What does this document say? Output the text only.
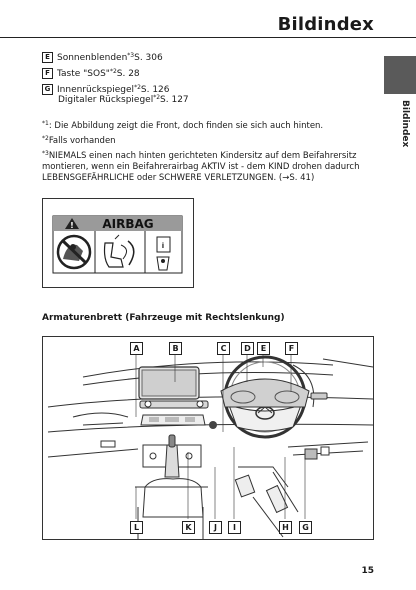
Bildindex
Bildindex
E Sonnenblenden$^{*3}$S. 306
F Taste "SOS"$^{*2}$S. 28
G Innenrückspiegel$^{*2}$S. 126
Digitaler Rückspiegel$^{*2}$S. 127
$^{*1}$: Die Abbildung zeigt die Front, doch finden sie sich auch hinten.
$^{*2}$Falls vorhanden
$^{*3}$NIEMALS einen nach hinten gerichteten Kindersitz auf dem Beifahrersitz montieren, wenn ein Beifahrerairbag AKTIV ist - dem KIND drohen dadurch LEBENSGEFÄHRLICHE oder SCHWERE VERLETZUNGEN. (→S. 41)
! AIRBAG
i
Armaturenbrett (Fahrzeuge mit Rechtslenkung)
A	B	C	D	E	F
L	K	J	I	H	G
15
